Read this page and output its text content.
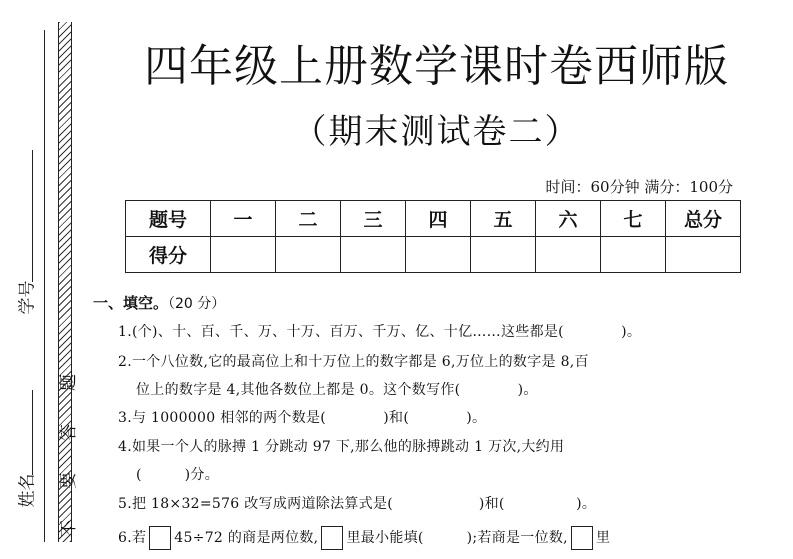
学号
姓名
题
答
要
不
四年级上册数学课时卷西师版
（期末测试卷二）
时间：60分钟 满分：100分
题号	一	二	三	四	五	六	七	总分
得分								
一、填空。（20 分）
1.(个)、十、百、千、万、十万、百万、千万、亿、十亿……这些都是(　　　　)。
2.一个八位数,它的最高位上和十万位上的数字都是 6,万位上的数字是 8,百
位上的数字是 4,其他各数位上都是 0。这个数写作(　　　　)。
3.与 1000000 相邻的两个数是(　　　　)和(　　　　)。
4.如果一个人的脉搏 1 分跳动 97 下,那么他的脉搏跳动 1 万次,大约用
(　　　)分。
5.把 18×32=576 改写成两道除法算式是(　　　　　　)和(　　　　　)。
6.若 45÷72 的商是两位数, 里最小能填(　　　);若商是一位数, 里
